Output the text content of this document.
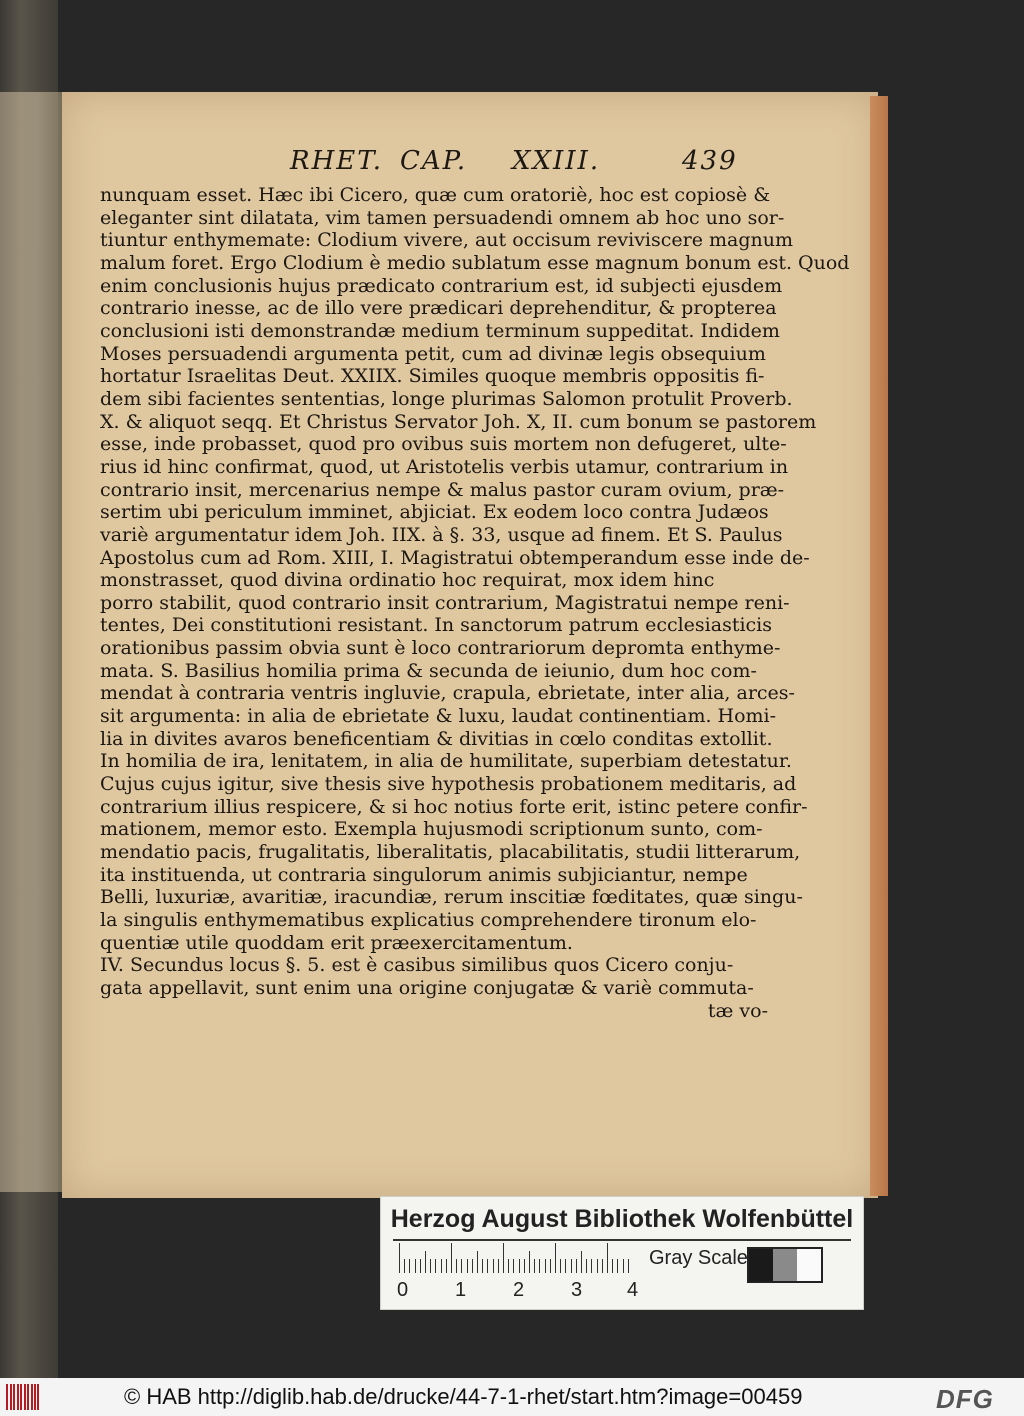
RHET. CAP. XXIII.	439
nunquam esset. Hæc ibi Cicero, quæ cum oratoriè, hoc est copiosè &
eleganter sint dilatata, vim tamen persuadendi omnem ab hoc uno sor-
tiuntur enthymemate: Clodium vivere, aut occisum reviviscere magnum
malum foret. Ergo Clodium è medio sublatum esse magnum bonum est. Quod
enim conclusionis hujus prædicato contrarium est, id subjecti ejusdem
contrario inesse, ac de illo vere prædicari deprehenditur, & propterea
conclusioni isti demonstrandæ medium terminum suppeditat. Indidem
Moses persuadendi argumenta petit, cum ad divinæ legis obsequium
hortatur Israelitas Deut. XXIIX. Similes quoque membris oppositis fi-
dem sibi facientes sententias, longe plurimas Salomon protulit Proverb.
X. & aliquot seqq. Et Christus Servator Joh. X, II. cum bonum se pastorem
esse, inde probasset, quod pro ovibus suis mortem non defugeret, ulte-
rius id hinc confirmat, quod, ut Aristotelis verbis utamur, contrarium in
contrario insit, mercenarius nempe & malus pastor curam ovium, præ-
sertim ubi periculum imminet, abjiciat. Ex eodem loco contra Judæos
variè argumentatur idem Joh. IIX. à §. 33, usque ad finem. Et S. Paulus
Apostolus cum ad Rom. XIII, I. Magistratui obtemperandum esse inde de-
monstrasset, quod divina ordinatio hoc requirat, mox idem hinc
porro stabilit, quod contrario insit contrarium, Magistratui nempe reni-
tentes, Dei constitutioni resistant. In sanctorum patrum ecclesiasticis
orationibus passim obvia sunt è loco contrariorum depromta enthyme-
mata. S. Basilius homilia prima & secunda de ieiunio, dum hoc com-
mendat à contraria ventris ingluvie, crapula, ebrietate, inter alia, arces-
sit argumenta: in alia de ebrietate & luxu, laudat continentiam. Homi-
lia in divites avaros beneficentiam & divitias in cœlo conditas extollit.
In homilia de ira, lenitatem, in alia de humilitate, superbiam detestatur.
Cujus cujus igitur, sive thesis sive hypothesis probationem meditaris, ad
contrarium illius respicere, & si hoc notius forte erit, istinc petere confir-
mationem, memor esto. Exempla hujusmodi scriptionum sunto, com-
mendatio pacis, frugalitatis, liberalitatis, placabilitatis, studii litterarum,
ita instituenda, ut contraria singulorum animis subjiciantur, nempe
Belli, luxuriæ, avaritiæ, iracundiæ, rerum inscitiæ fœditates, quæ singu-
la singulis enthymematibus explicatius comprehendere tironum elo-
quentiæ utile quoddam erit præexercitamentum.
IV. Secundus locus §. 5. est è casibus similibus quos Cicero conju-
gata appellavit, sunt enim una origine conjugatæ & variè commuta-
tæ vo-
Herzog August Bibliothek Wolfenbüttel
0 1 2 3 4
Gray Scale
© HAB http://diglib.hab.de/drucke/44-7-1-rhet/start.htm?image=00459	DFG
